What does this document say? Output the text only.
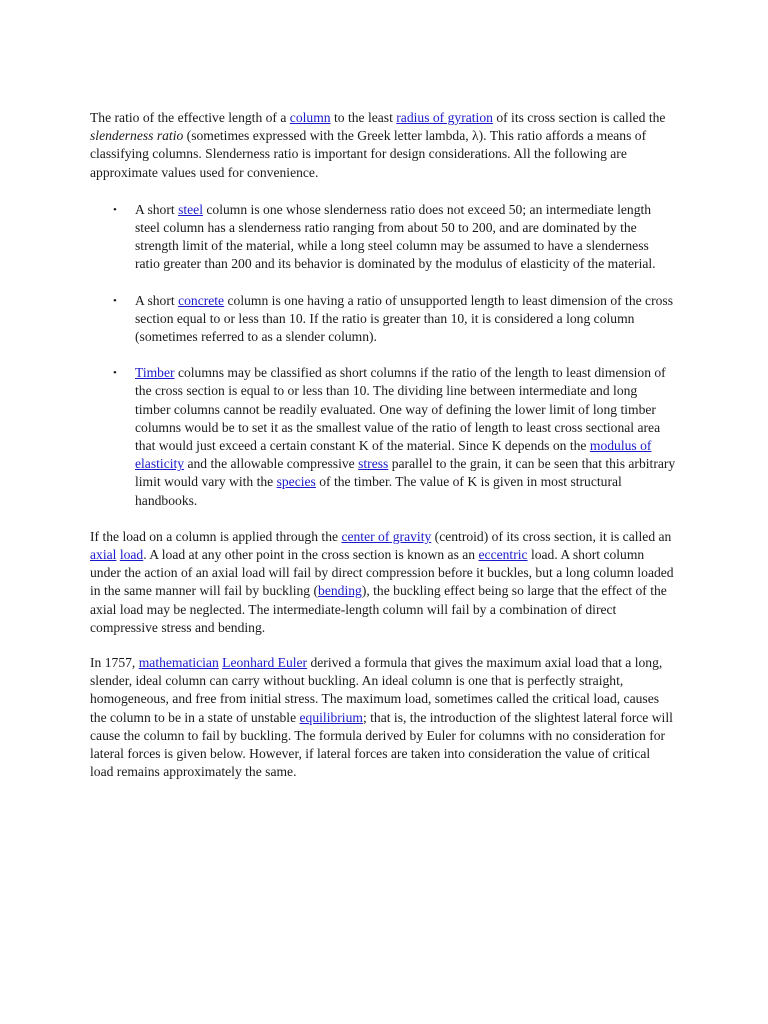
The ratio of the effective length of a column to the least radius of gyration of its cross section is called the slenderness ratio (sometimes expressed with the Greek letter lambda, λ). This ratio affords a means of classifying columns. Slenderness ratio is important for design considerations. All the following are approximate values used for convenience.

• A short steel column is one whose slenderness ratio does not exceed 50; an intermediate length steel column has a slenderness ratio ranging from about 50 to 200, and are dominated by the strength limit of the material, while a long steel column may be assumed to have a slenderness ratio greater than 200 and its behavior is dominated by the modulus of elasticity of the material.
• A short concrete column is one having a ratio of unsupported length to least dimension of the cross section equal to or less than 10. If the ratio is greater than 10, it is considered a long column (sometimes referred to as a slender column).
• Timber columns may be classified as short columns if the ratio of the length to least dimension of the cross section is equal to or less than 10. The dividing line between intermediate and long timber columns cannot be readily evaluated. One way of defining the lower limit of long timber columns would be to set it as the smallest value of the ratio of length to least cross sectional area that would just exceed a certain constant K of the material. Since K depends on the modulus of elasticity and the allowable compressive stress parallel to the grain, it can be seen that this arbitrary limit would vary with the species of the timber. The value of K is given in most structural handbooks.

If the load on a column is applied through the center of gravity (centroid) of its cross section, it is called an axial load. A load at any other point in the cross section is known as an eccentric load. A short column under the action of an axial load will fail by direct compression before it buckles, but a long column loaded in the same manner will fail by buckling (bending), the buckling effect being so large that the effect of the axial load may be neglected. The intermediate-length column will fail by a combination of direct compressive stress and bending.

In 1757, mathematician Leonhard Euler derived a formula that gives the maximum axial load that a long, slender, ideal column can carry without buckling. An ideal column is one that is perfectly straight, homogeneous, and free from initial stress. The maximum load, sometimes called the critical load, causes the column to be in a state of unstable equilibrium; that is, the introduction of the slightest lateral force will cause the column to fail by buckling. The formula derived by Euler for columns with no consideration for lateral forces is given below. However, if lateral forces are taken into consideration the value of critical load remains approximately the same.
